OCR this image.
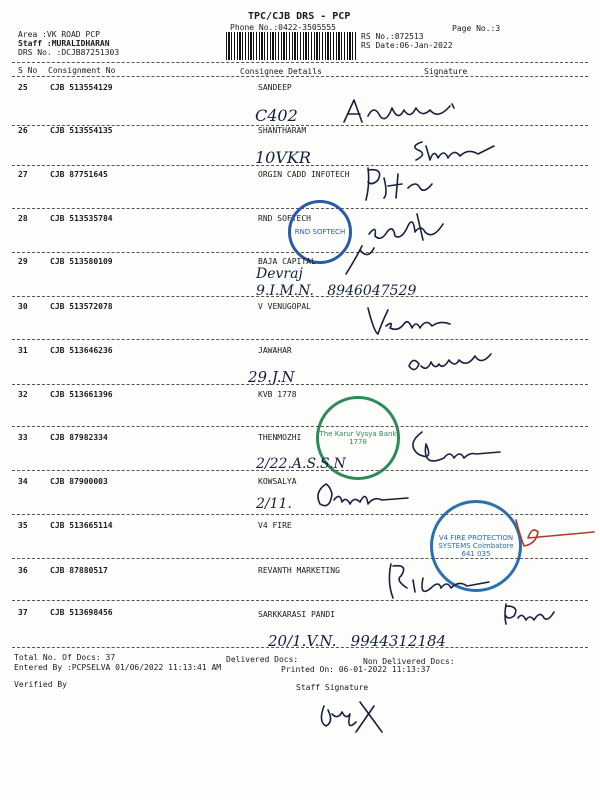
TPC/CJB DRS - PCP
Phone No.:0422-3505555	Page No.:3
Area :VK ROAD PCP
Staff :MURALIDHARAN
DRS No. :DCJB87251303
RS No.:872513
RS Date:06-Jan-2022
S No Consignment No	Consignee Details	Signature
25	CJB 513554129	SANDEEP
C402
26	CJB 513554135	SHANTHARAM
10VKR
27	CJB 87751645	ORGIN CADD INFOTECH
28	CJB 513535784	RND SOFTECH
RND SOFTECH
29	CJB 513580109	BAJA CAPITAL
Devraj
9.I.M.N.   8946047529
30	CJB 513572078	V VENUGOPAL
31	CJB 513646236	JAWAHAR
29.J.N
32	CJB 513661396	KVB 1778
The Karur Vysya Bank 1778
33	CJB 87982334	THENMOZHI
2/22.A.S.S.N
34	CJB 87900003	KOWSALYA
2/11.
35	CJB 513665114	V4 FIRE
V4 FIRE PROTECTION SYSTEMS Coimbatore 641 035
36	CJB 87880517	REVANTH MARKETING
37	CJB 513698456	SARKKARASI PANDI
20/1.V.N.   9944312184
Total No. Of Docs: 37	Delivered Docs:	Non Delivered Docs:
Entered By :PCPSELVA 01/06/2022 11:13:41 AM	Printed On: 06-01-2022 11:13:37
Verified By	Staff Signature
